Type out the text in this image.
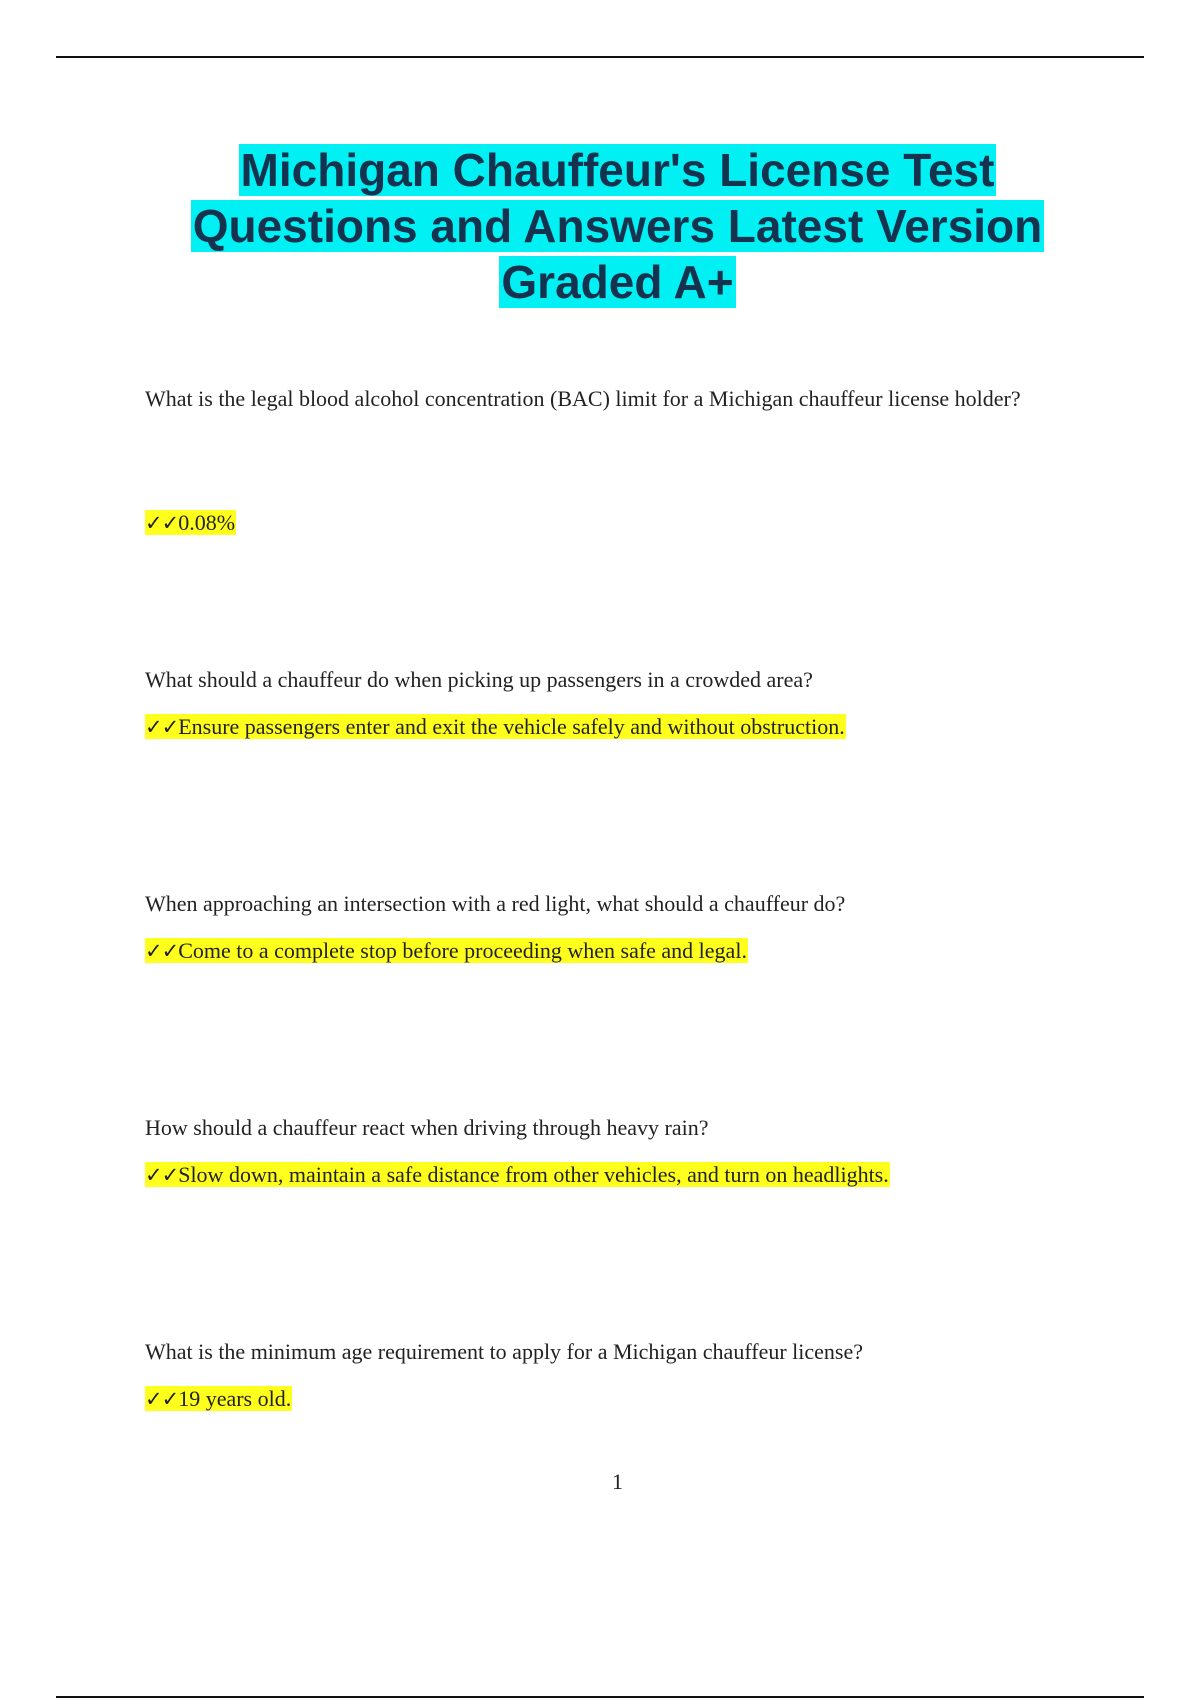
Michigan Chauffeur's License Test
Questions and Answers Latest Version
Graded A+

What is the legal blood alcohol concentration (BAC) limit for a Michigan chauffeur license holder?

✓✓0.08%

What should a chauffeur do when picking up passengers in a crowded area?

✓✓Ensure passengers enter and exit the vehicle safely and without obstruction.

When approaching an intersection with a red light, what should a chauffeur do?

✓✓Come to a complete stop before proceeding when safe and legal.

How should a chauffeur react when driving through heavy rain?

✓✓Slow down, maintain a safe distance from other vehicles, and turn on headlights.

What is the minimum age requirement to apply for a Michigan chauffeur license?

✓✓19 years old.

1
